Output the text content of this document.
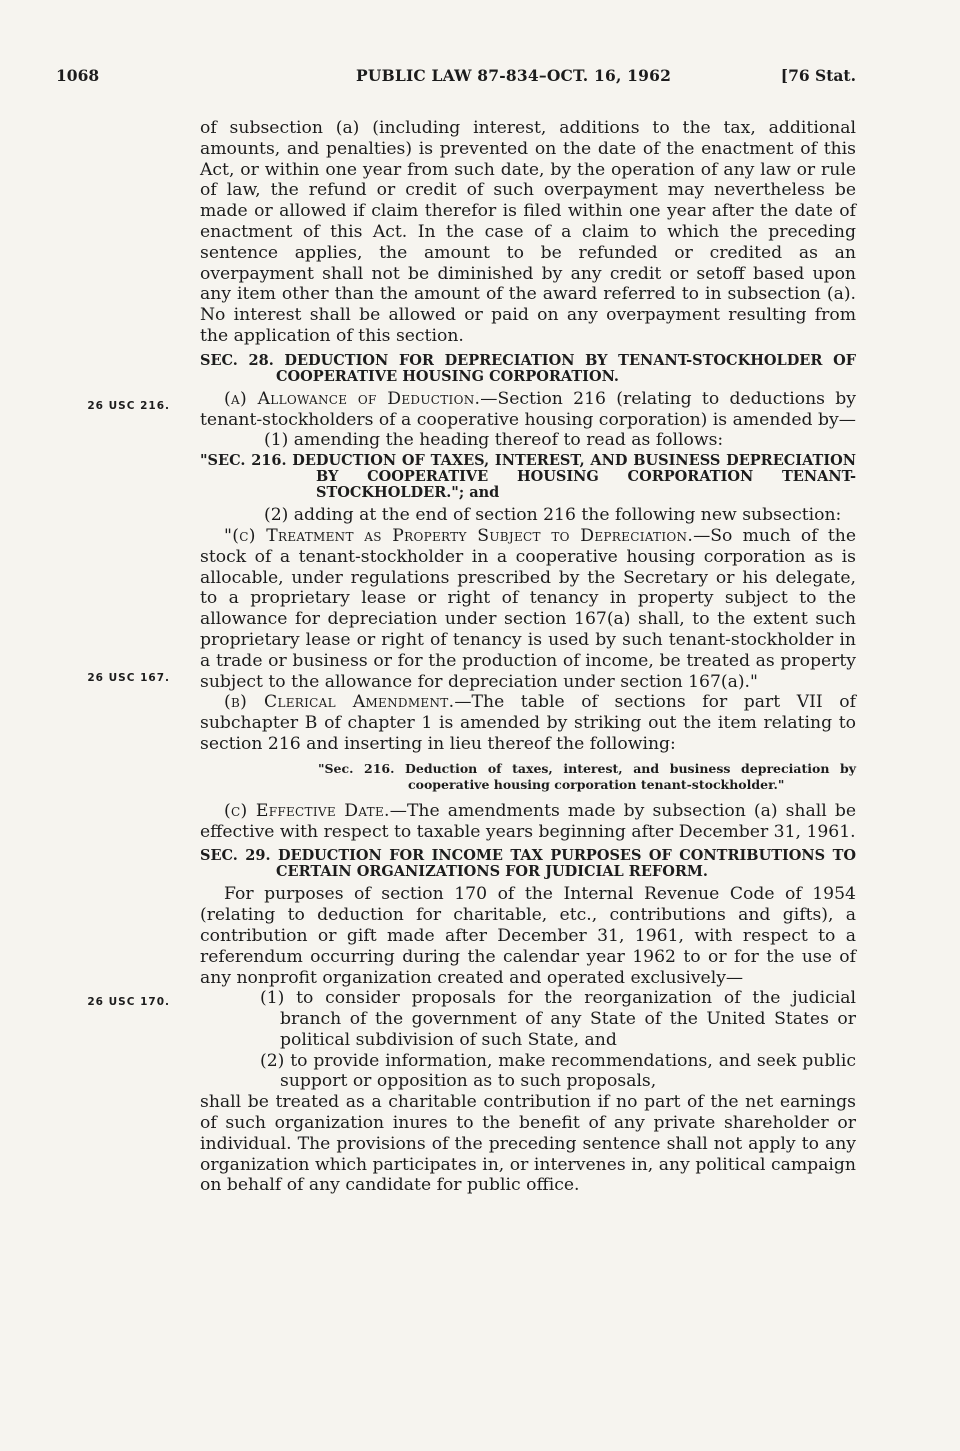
1068	PUBLIC LAW 87-834–OCT. 16, 1962	[76 Stat.
26 USC 216.
26 USC 167.
26 USC 170.

of subsection (a) (including interest, additions to the tax, additional amounts, and penalties) is prevented on the date of the enactment of this Act, or within one year from such date, by the operation of any law or rule of law, the refund or credit of such overpayment may nevertheless be made or allowed if claim therefor is filed within one year after the date of enactment of this Act. In the case of a claim to which the preceding sentence applies, the amount to be refunded or credited as an overpayment shall not be diminished by any credit or setoff based upon any item other than the amount of the award referred to in subsection (a). No interest shall be allowed or paid on any overpayment resulting from the application of this section.

SEC. 28. DEDUCTION FOR DEPRECIATION BY TENANT-STOCKHOLDER OF COOPERATIVE HOUSING CORPORATION.

(a) Allowance of Deduction.—Section 216 (relating to deductions by tenant-stockholders of a cooperative housing corporation) is amended by—

(1) amending the heading thereof to read as follows:

"SEC. 216. DEDUCTION OF TAXES, INTEREST, AND BUSINESS DEPRECIATION BY COOPERATIVE HOUSING CORPORATION TENANT-STOCKHOLDER."; and

(2) adding at the end of section 216 the following new subsection:

"(c) Treatment as Property Subject to Depreciation.—So much of the stock of a tenant-stockholder in a cooperative housing corporation as is allocable, under regulations prescribed by the Secretary or his delegate, to a proprietary lease or right of tenancy in property subject to the allowance for depreciation under section 167(a) shall, to the extent such proprietary lease or right of tenancy is used by such tenant-stockholder in a trade or business or for the production of income, be treated as property subject to the allowance for depreciation under section 167(a)."

(b) Clerical Amendment.—The table of sections for part VII of subchapter B of chapter 1 is amended by striking out the item relating to section 216 and inserting in lieu thereof the following:

"Sec. 216. Deduction of taxes, interest, and business depreciation by cooperative housing corporation tenant-stockholder."

(c) Effective Date.—The amendments made by subsection (a) shall be effective with respect to taxable years beginning after December 31, 1961.

SEC. 29. DEDUCTION FOR INCOME TAX PURPOSES OF CONTRIBUTIONS TO CERTAIN ORGANIZATIONS FOR JUDICIAL REFORM.

For purposes of section 170 of the Internal Revenue Code of 1954 (relating to deduction for charitable, etc., contributions and gifts), a contribution or gift made after December 31, 1961, with respect to a referendum occurring during the calendar year 1962 to or for the use of any nonprofit organization created and operated exclusively—

(1) to consider proposals for the reorganization of the judicial branch of the government of any State of the United States or political subdivision of such State, and

(2) to provide information, make recommendations, and seek public support or opposition as to such proposals,

shall be treated as a charitable contribution if no part of the net earnings of such organization inures to the benefit of any private shareholder or individual. The provisions of the preceding sentence shall not apply to any organization which participates in, or intervenes in, any political campaign on behalf of any candidate for public office.
